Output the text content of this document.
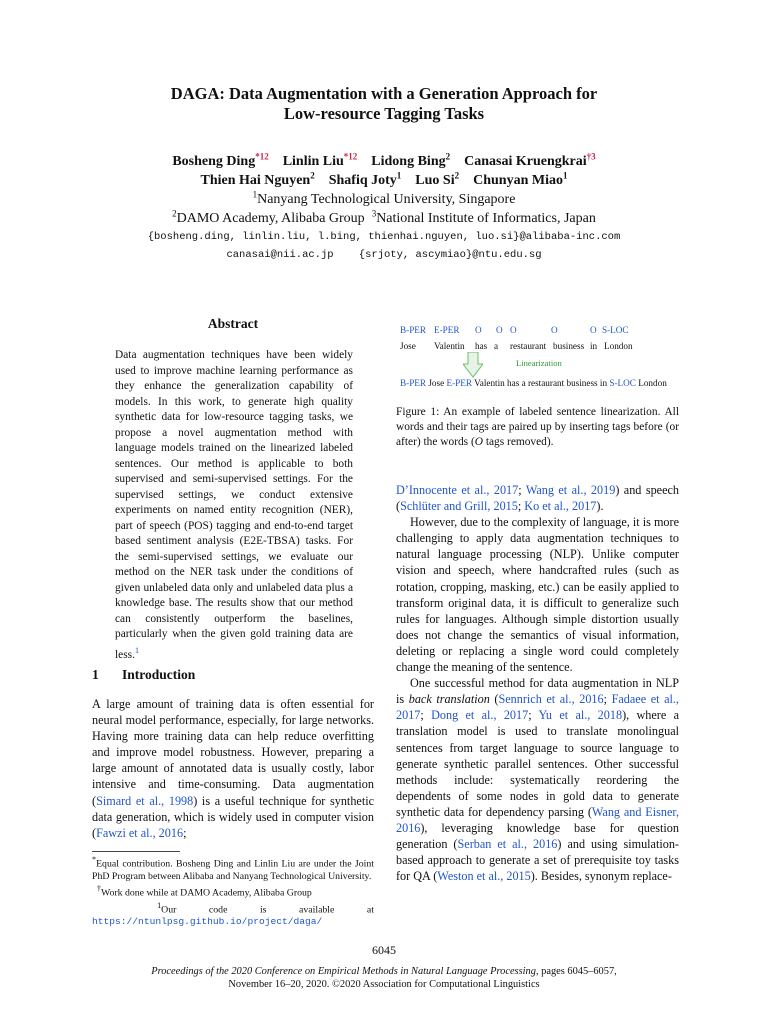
DAGA: Data Augmentation with a Generation Approach for
Low-resource Tagging Tasks
Bosheng Ding$^{*12}$ Linlin Liu$^{*12}$ Lidong Bing$^2$ Canasai Kruengkrai$^{\dagger 3}$
Thien Hai Nguyen$^2$ Shafiq Joty$^1$ Luo Si$^2$ Chunyan Miao$^1$
$^1$Nanyang Technological University, Singapore
$^2$DAMO Academy, Alibaba Group $^3$National Institute of Informatics, Japan
{bosheng.ding, linlin.liu, l.bing, thienhai.nguyen, luo.si}@alibaba-inc.com
canasai@nii.ac.jp {srjoty, ascymiao}@ntu.edu.sg
Abstract
Data augmentation techniques have been widely used to improve machine learning performance as they enhance the generalization capability of models. In this work, to generate high quality synthetic data for low-resource tagging tasks, we propose a novel augmentation method with language models trained on the linearized labeled sentences. Our method is applicable to both supervised and semi-supervised settings. For the supervised settings, we conduct extensive experiments on named entity recognition (NER), part of speech (POS) tagging and end-to-end target based sentiment analysis (E2E-TBSA) tasks. For the semi-supervised settings, we evaluate our method on the NER task under the conditions of given unlabeled data only and unlabeled data plus a knowledge base. The results show that our method can consistently outperform the baselines, particularly when the given gold training data are less.$^1$
1 Introduction
A large amount of training data is often essential for neural model performance, especially, for large networks. Having more training data can help reduce overfitting and improve model robustness. However, preparing a large amount of annotated data is usually costly, labor intensive and time-consuming. Data augmentation (Simard et al., 1998) is a useful technique for synthetic data generation, which is widely used in computer vision (Fawzi et al., 2016;

*Equal contribution. Bosheng Ding and Linlin Liu are under the Joint PhD Program between Alibaba and Nanyang Technological University.

†Work done while at DAMO Academy, Alibaba Group

$^1$Our code is available at https://ntunlpsg.github.io/project/daga/

B-PER E-PER O O O	O	O S-LOC
Jose Valentin has a restaurant business in London
Linearization
B-PER Jose E-PER Valentin has a restaurant business in S-LOC London
Figure 1: An example of labeled sentence linearization. All words and their tags are paired up by inserting tags before (or after) the words (O tags removed).

D’Innocente et al., 2017; Wang et al., 2019) and speech (Schlüter and Grill, 2015; Ko et al., 2017).

However, due to the complexity of language, it is more challenging to apply data augmentation techniques to natural language processing (NLP). Unlike computer vision and speech, where handcrafted rules (such as rotation, cropping, masking, etc.) can be easily applied to transform original data, it is difficult to generalize such rules for languages. Although simple distortion usually does not change the semantics of visual information, deleting or replacing a single word could completely change the meaning of the sentence.

One successful method for data augmentation in NLP is back translation (Sennrich et al., 2016; Fadaee et al., 2017; Dong et al., 2017; Yu et al., 2018), where a translation model is used to translate monolingual sentences from target language to source language to generate synthetic parallel sentences. Other successful methods include: systematically reordering the dependents of some nodes in gold data to generate synthetic data for dependency parsing (Wang and Eisner, 2016), leveraging knowledge base for question generation (Serban et al., 2016) and using simulation-based approach to generate a set of prerequisite toy tasks for QA (Weston et al., 2015). Besides, synonym replace-

6045
Proceedings of the 2020 Conference on Empirical Methods in Natural Language Processing, pages 6045–6057,
November 16–20, 2020. ©2020 Association for Computational Linguistics
